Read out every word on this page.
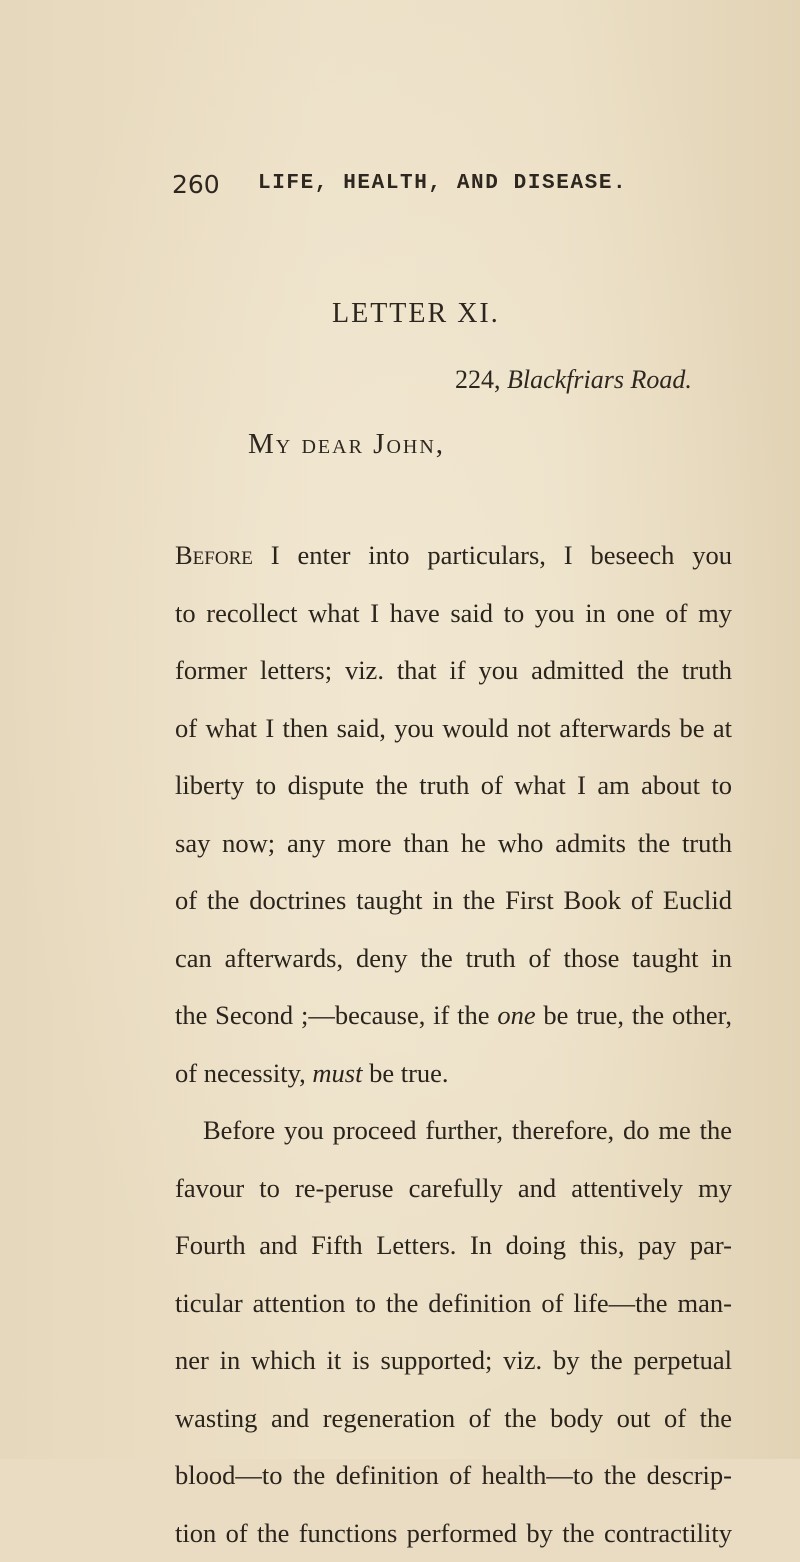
260 LIFE, HEALTH, AND DISEASE.
LETTER XI.
224, Blackfriars Road.
My dear John,
Before I enter into particulars, I beseech you
to recollect what I have said to you in one of my
former letters; viz. that if you admitted the truth
of what I then said, you would not afterwards be at
liberty to dispute the truth of what I am about to
say now; any more than he who admits the truth
of the doctrines taught in the First Book of Euclid
can afterwards, deny the truth of those taught in
the Second ;—because, if the one be true, the other,
of necessity, must be true.
Before you proceed further, therefore, do me the
favour to re-peruse carefully and attentively my
Fourth and Fifth Letters. In doing this, pay par-
ticular attention to the definition of life—the man-
ner in which it is supported; viz. by the perpetual
wasting and regeneration of the body out of the
blood—to the definition of health—to the descrip-
tion of the functions performed by the contractility
